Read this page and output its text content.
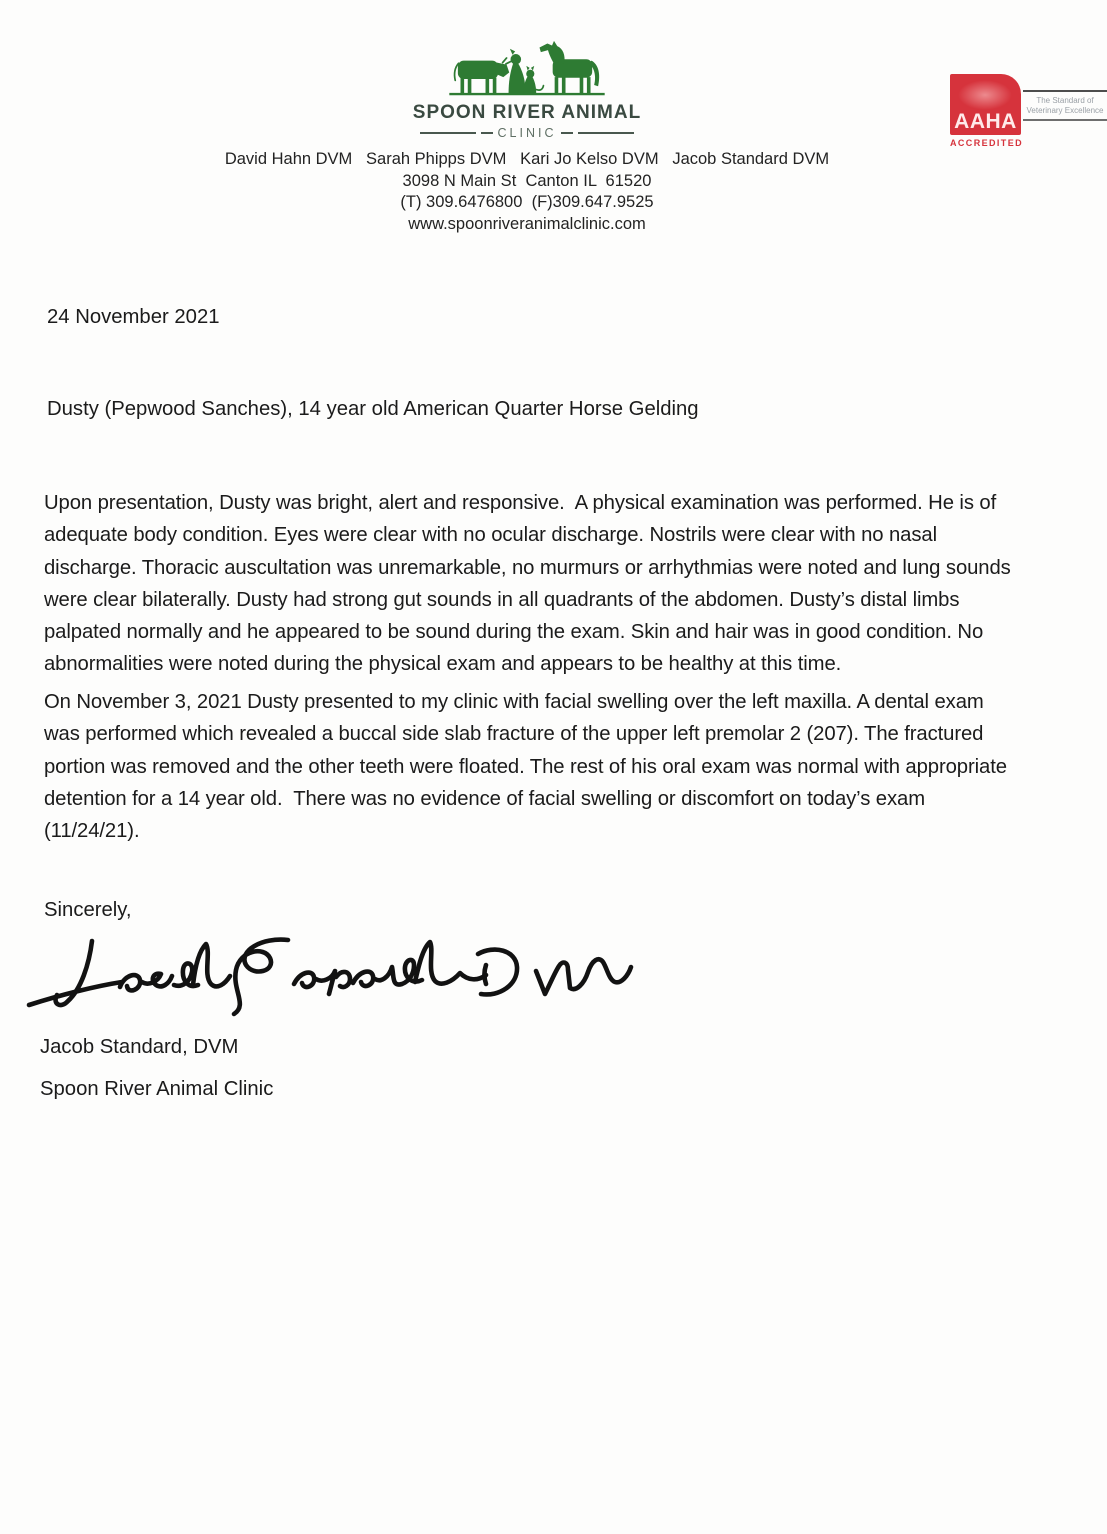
SPOON RIVER ANIMAL
CLINIC
David Hahn DVM   Sarah Phipps DVM   Kari Jo Kelso DVM   Jacob Standard DVM
3098 N Main St  Canton IL  61520
(T) 309.6476800  (F)309.647.9525
www.spoonriveranimalclinic.com
AAHA
ACCREDITED
The Standard of
Veterinary Excellence
24 November 2021
Dusty (Pepwood Sanches), 14 year old American Quarter Horse Gelding
Upon presentation, Dusty was bright, alert and responsive.  A physical examination was performed. He is of adequate body condition. Eyes were clear with no ocular discharge. Nostrils were clear with no nasal discharge. Thoracic auscultation was unremarkable, no murmurs or arrhythmias were noted and lung sounds were clear bilaterally. Dusty had strong gut sounds in all quadrants of the abdomen. Dusty’s distal limbs palpated normally and he appeared to be sound during the exam. Skin and hair was in good condition. No abnormalities were noted during the physical exam and appears to be healthy at this time.
On November 3, 2021 Dusty presented to my clinic with facial swelling over the left maxilla. A dental exam was performed which revealed a buccal side slab fracture of the upper left premolar 2 (207). The fractured portion was removed and the other teeth were floated. The rest of his oral exam was normal with appropriate detention for a 14 year old.  There was no evidence of facial swelling or discomfort on today’s exam (11/24/21).
Sincerely,
Jacob Standard, DVM
Spoon River Animal Clinic
